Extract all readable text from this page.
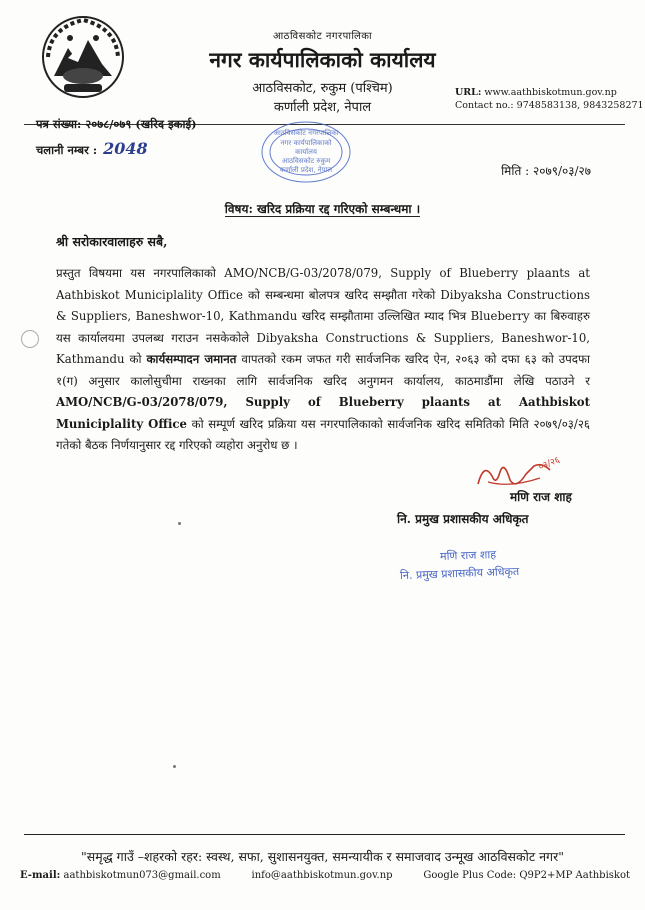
आठविसकोट नगरपालिका
नगर कार्यपालिकाको कार्यालय
आठविसकोट, रुकुम (पश्चिम)
कर्णाली प्रदेश, नेपाल
URL: www.aathbiskotmun.gov.np
Contact no.: 9748583138, 9843258271
पत्र संख्या: २०७८/०७९ (खरिद इकाई)
चलानी नम्बर : 2048
आठविसकोट नगरपालिका
नगर कार्यपालिकाको
कार्यालय
आठविसकोट रुकुम
कर्णाली प्रदेश, नेपाल	मिति : २०७९/०३/२७
विषय: खरिद प्रक्रिया रद्द गरिएको सम्बन्धमा ।
श्री सरोकारवालाहरु सबै,
प्रस्तुत विषयमा यस नगरपालिकाको AMO/NCB/G-03/2078/079, Supply of Blueberry plaants at Aathbiskot Municiplality Office को सम्बन्धमा बोलपत्र खरिद सम्झौता गरेको Dibyaksha Constructions & Suppliers, Baneshwor-10, Kathmandu खरिद सम्झौतामा उल्लिखित म्याद भित्र Blueberry का बिरुवाहरु यस कार्यालयमा उपलब्ध गराउन नसकेकोले Dibyaksha Constructions & Suppliers, Baneshwor-10, Kathmandu को कार्यसम्पादन जमानत वापतको रकम जफत गरी सार्वजनिक खरिद ऐन, २०६३ को दफा ६३ को उपदफा १(ग) अनुसार कालोसुचीमा राख्नका लागि सार्वजनिक खरिद अनुगमन कार्यालय, काठमाडौंमा लेखि पठाउने र AMO/NCB/G-03/2078/079, Supply of Blueberry plaants at Aathbiskot Municiplality Office को सम्पूर्ण खरिद प्रक्रिया यस नगरपालिकाको सार्वजनिक खरिद समितिको मिति २०७९/०३/२६ गतेको बैठक निर्णयानुसार रद्द गरिएको व्यहोरा अनुरोध छ ।
०३/२६
मणि राज शाह
नि. प्रमुख प्रशासकीय अधिकृत
मणि राज शाह
नि. प्रमुख प्रशासकीय अधिकृत
"समृद्ध गाउँ –शहरको रहर: स्वस्थ, सफा, सुशासनयुक्त, समन्यायीक र समाजवाद उन्मूख आठविसकोट नगर"
E-mail: aathbiskotmun073@gmail.com	info@aathbiskotmun.gov.np	Google Plus Code: Q9P2+MP Aathbiskot
